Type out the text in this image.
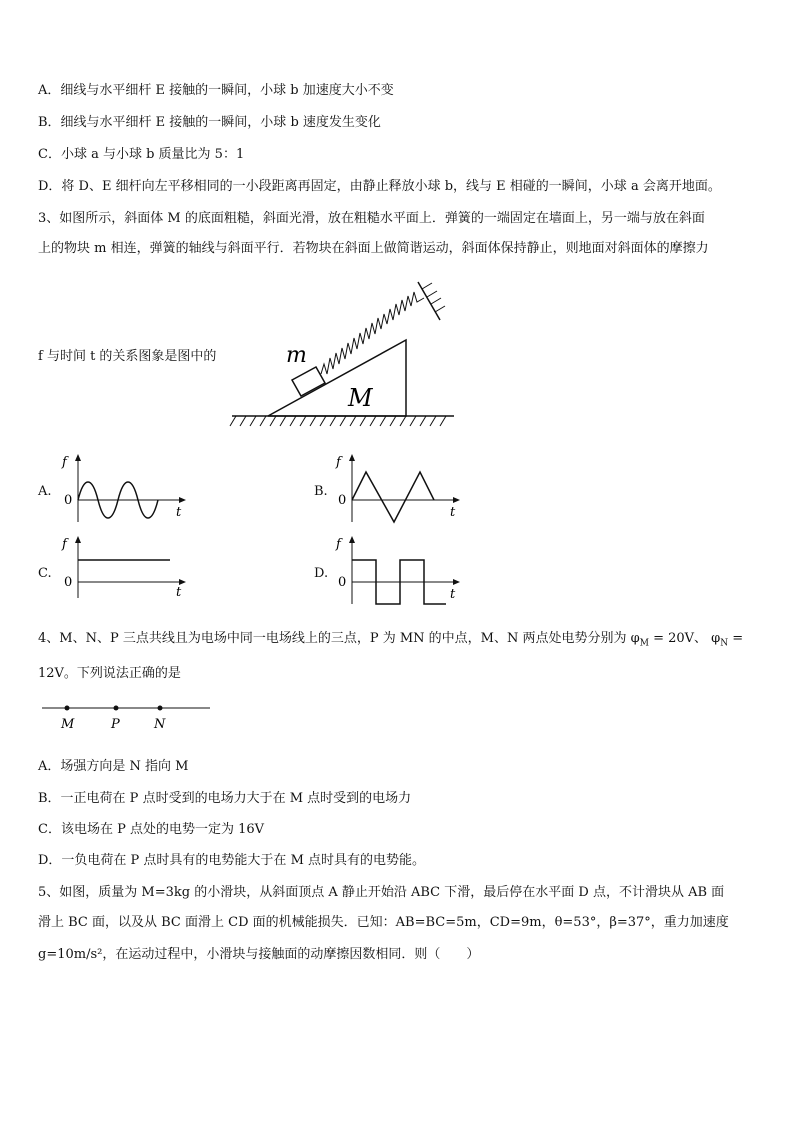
A．细线与水平细杆 E 接触的一瞬间，小球 b 加速度大小不变
B．细线与水平细杆 E 接触的一瞬间，小球 b 速度发生变化
C．小球 a 与小球 b 质量比为 5：1
D．将 D、E 细杆向左平移相同的一小段距离再固定，由静止释放小球 b，线与 E 相碰的一瞬间，小球 a 会离开地面。
3、如图所示，斜面体 M 的底面粗糙，斜面光滑，放在粗糙水平面上．弹簧的一端固定在墙面上，另一端与放在斜面
上的物块 m 相连，弹簧的轴线与斜面平行．若物块在斜面上做简谐运动，斜面体保持静止，则地面对斜面体的摩擦力
f 与时间 t 的关系图象是图中的	m
M
A.
f
0
t
B.
f
0
t
C.
f
0
t
D.
f
0
t
4、M、N、P 三点共线且为电场中同一电场线上的三点，P 为 MN 的中点，M、N 两点处电势分别为 $\varphi_M = 20V$、 $\varphi_N$ =
12V。下列说法正确的是
M	P	N
A．场强方向是 N 指向 M
B．一正电荷在 P 点时受到的电场力大于在 M 点时受到的电场力
C．该电场在 P 点处的电势一定为 16V
D．一负电荷在 P 点时具有的电势能大于在 M 点时具有的电势能。
5、如图，质量为 M=3kg 的小滑块，从斜面顶点 A 静止开始沿 ABC 下滑，最后停在水平面 D 点，不计滑块从 AB 面
滑上 BC 面，以及从 BC 面滑上 CD 面的机械能损失．已知：AB=BC=5m，CD=9m，θ=53°，β=37°，重力加速度
g=10m/s²，在运动过程中，小滑块与接触面的动摩擦因数相同．则（　　）
